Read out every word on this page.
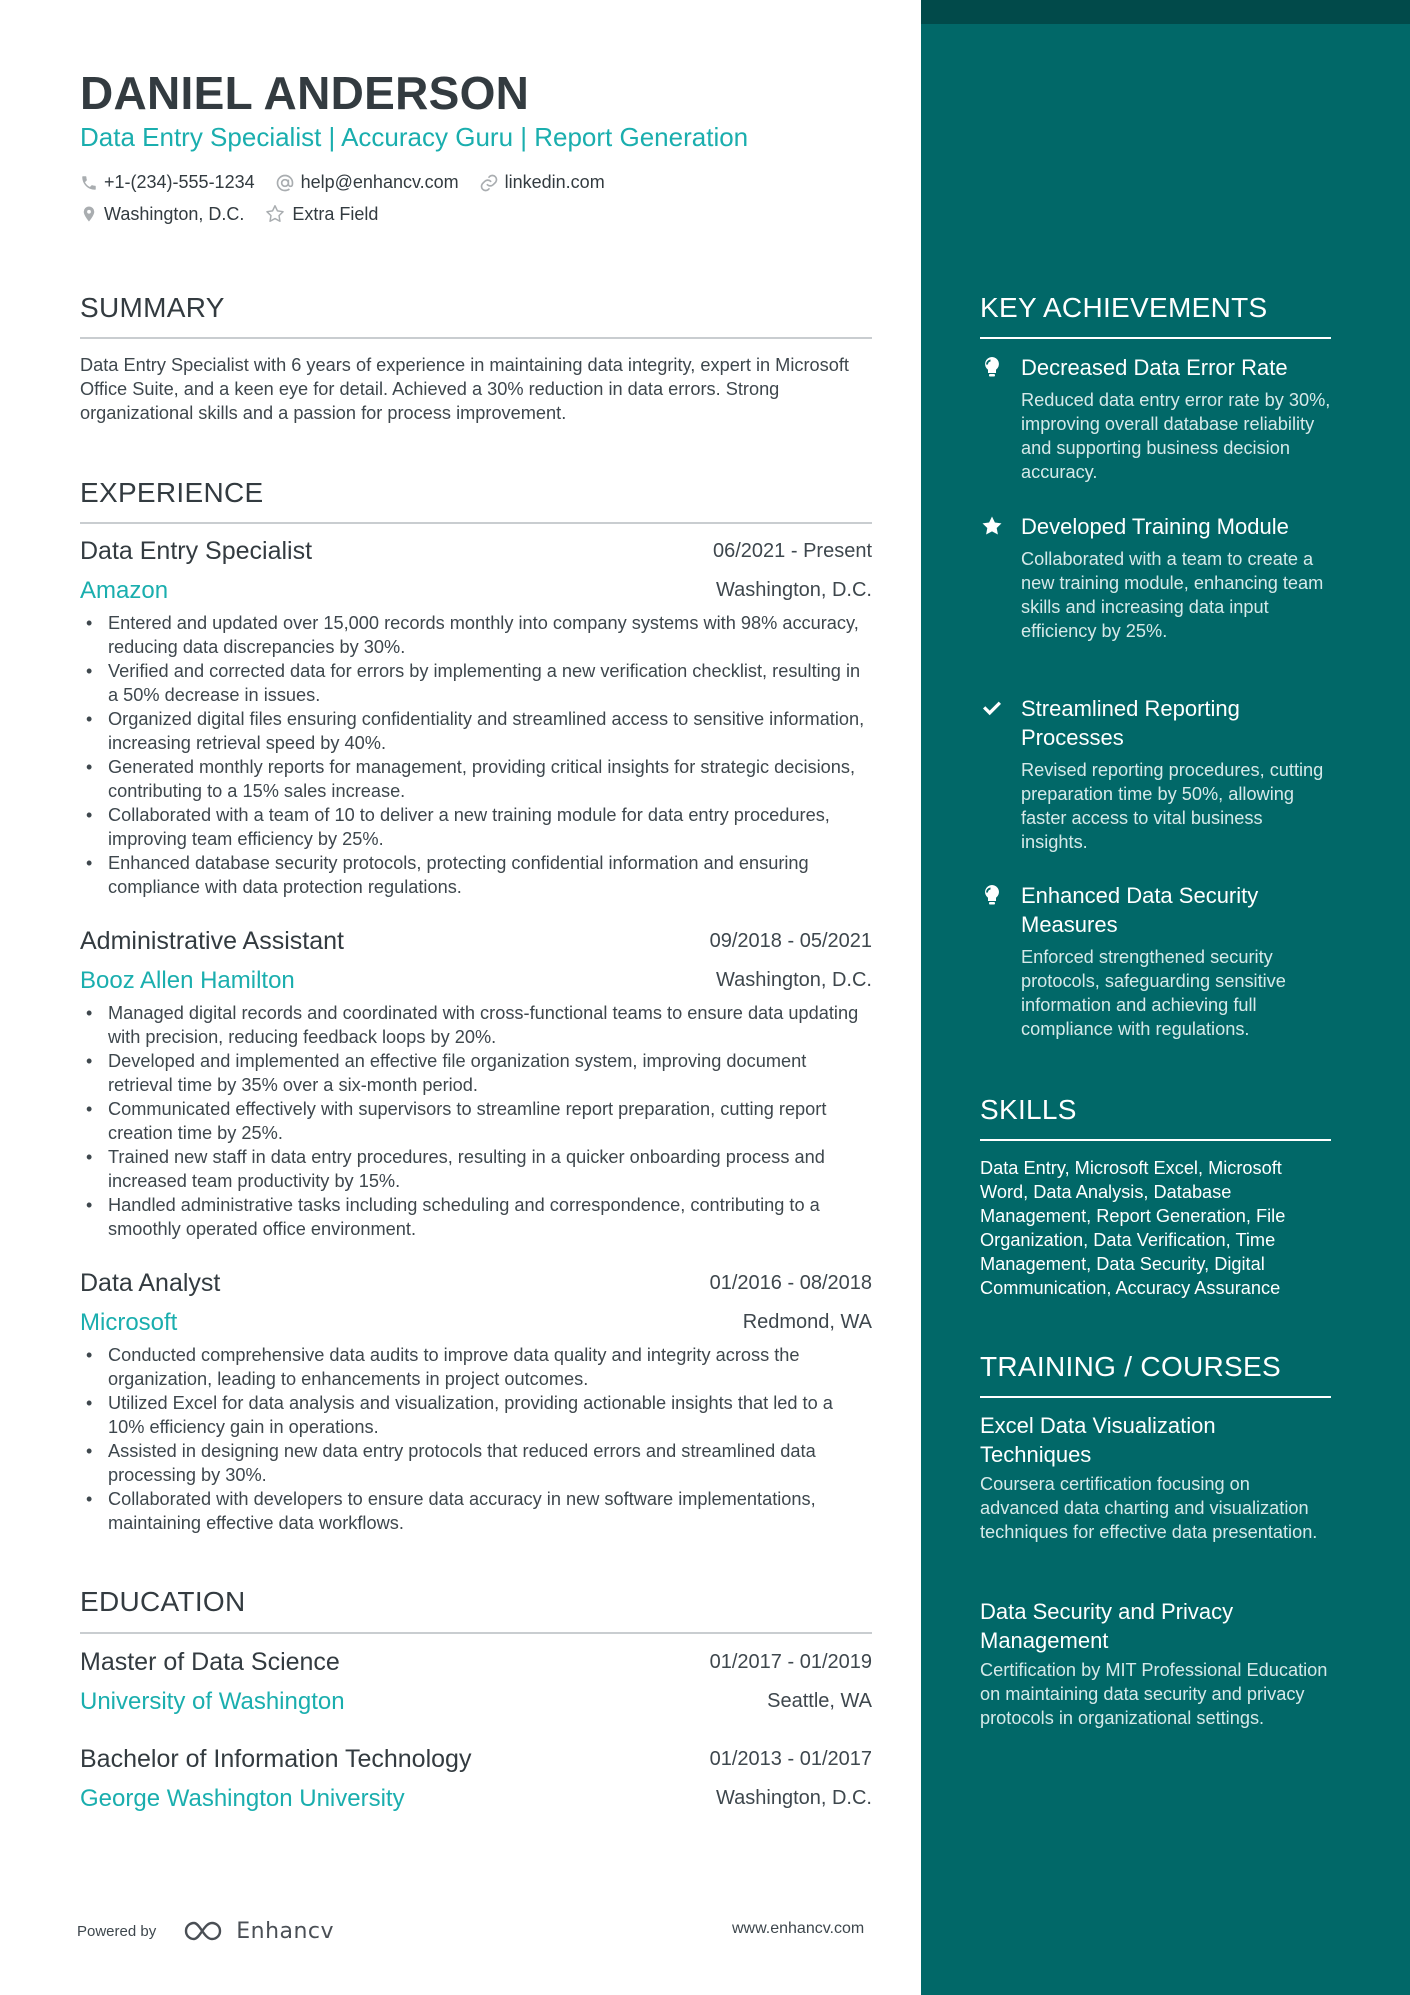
DANIEL ANDERSON
Data Entry Specialist | Accuracy Guru | Report Generation
+1-(234)-555-1234	help@enhancv.com	linkedin.com
Washington, D.C.	Extra Field
SUMMARY
Data Entry Specialist with 6 years of experience in maintaining data integrity, expert in Microsoft Office Suite, and a keen eye for detail. Achieved a 30% reduction in data errors. Strong organizational skills and a passion for process improvement.
EXPERIENCE
Data Entry Specialist	06/2021 - Present
Amazon	Washington, D.C.
• Entered and updated over 15,000 records monthly into company systems with 98% accuracy, reducing data discrepancies by 30%.
• Verified and corrected data for errors by implementing a new verification checklist, resulting in a 50% decrease in issues.
• Organized digital files ensuring confidentiality and streamlined access to sensitive information, increasing retrieval speed by 40%.
• Generated monthly reports for management, providing critical insights for strategic decisions, contributing to a 15% sales increase.
• Collaborated with a team of 10 to deliver a new training module for data entry procedures, improving team efficiency by 25%.
• Enhanced database security protocols, protecting confidential information and ensuring compliance with data protection regulations.
Administrative Assistant	09/2018 - 05/2021
Booz Allen Hamilton	Washington, D.C.
• Managed digital records and coordinated with cross-functional teams to ensure data updating with precision, reducing feedback loops by 20%.
• Developed and implemented an effective file organization system, improving document retrieval time by 35% over a six-month period.
• Communicated effectively with supervisors to streamline report preparation, cutting report creation time by 25%.
• Trained new staff in data entry procedures, resulting in a quicker onboarding process and increased team productivity by 15%.
• Handled administrative tasks including scheduling and correspondence, contributing to a smoothly operated office environment.
Data Analyst	01/2016 - 08/2018
Microsoft	Redmond, WA
• Conducted comprehensive data audits to improve data quality and integrity across the organization, leading to enhancements in project outcomes.
• Utilized Excel for data analysis and visualization, providing actionable insights that led to a 10% efficiency gain in operations.
• Assisted in designing new data entry protocols that reduced errors and streamlined data processing by 30%.
• Collaborated with developers to ensure data accuracy in new software implementations, maintaining effective data workflows.
EDUCATION
Master of Data Science	01/2017 - 01/2019
University of Washington	Seattle, WA
Bachelor of Information Technology	01/2013 - 01/2017
George Washington University	Washington, D.C.
Powered by	Enhancv	www.enhancv.com
KEY ACHIEVEMENTS
Decreased Data Error Rate
Reduced data entry error rate by 30%, improving overall database reliability and supporting business decision accuracy.
Developed Training Module
Collaborated with a team to create a new training module, enhancing team skills and increasing data input efficiency by 25%.
Streamlined Reporting Processes
Revised reporting procedures, cutting preparation time by 50%, allowing faster access to vital business insights.
Enhanced Data Security Measures
Enforced strengthened security protocols, safeguarding sensitive information and achieving full compliance with regulations.
SKILLS
Data Entry, Microsoft Excel, Microsoft Word, Data Analysis, Database Management, Report Generation, File Organization, Data Verification, Time Management, Data Security, Digital Communication, Accuracy Assurance
TRAINING / COURSES
Excel Data Visualization Techniques
Coursera certification focusing on advanced data charting and visualization techniques for effective data presentation.
Data Security and Privacy Management
Certification by MIT Professional Education on maintaining data security and privacy protocols in organizational settings.
